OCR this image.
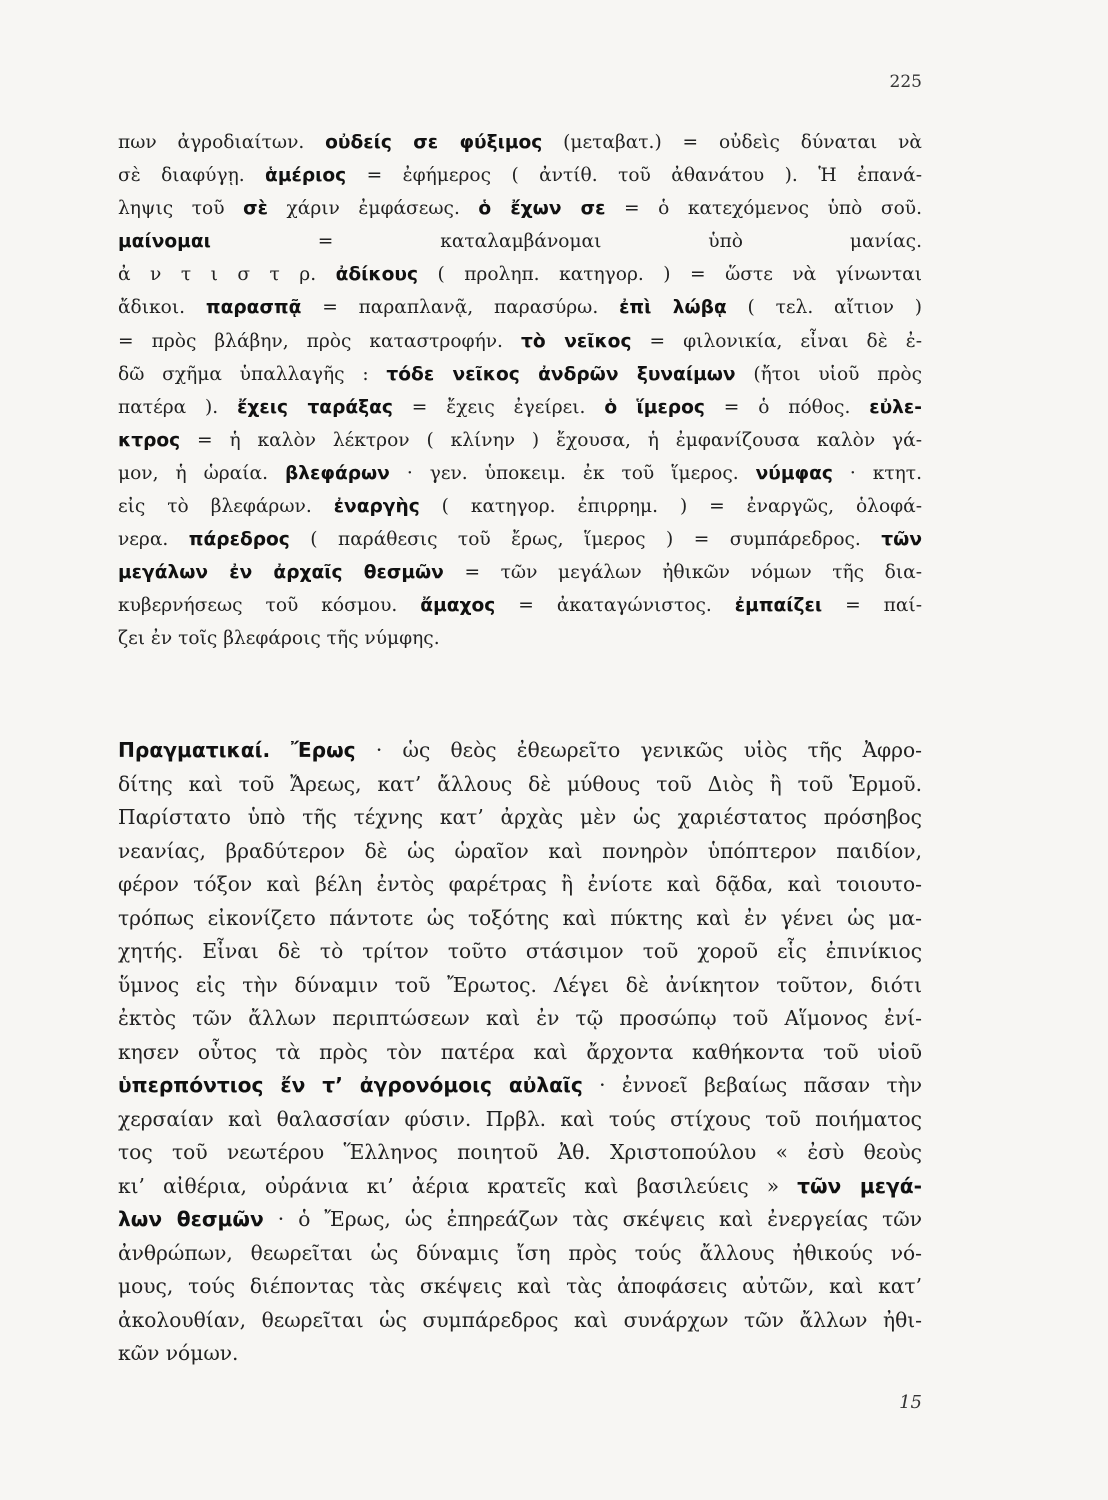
225

πων ἀγροδιαίτων. οὐδείς σε φύξιμος (μεταβατ.) = οὐδεὶς δύναται νὰ
σὲ διαφύγῃ. ἁμέριος = ἐφήμερος ( ἀντίθ. τοῦ ἀθανάτου ). Ἡ ἐπανά-
ληψις τοῦ σὲ χάριν ἐμφάσεως. ὁ ἔχων σε = ὁ κατεχόμενος ὑπὸ σοῦ.
μαίνομαι = καταλαμβάνομαι ὑπὸ μανίας.
ἀ ν τ ι σ τ ρ. ἀδίκους ( προληπ. κατηγορ. ) = ὥστε νὰ γίνωνται
ἄδικοι. παρασπᾷ = παραπλανᾷ, παρασύρω. ἐπὶ λώβᾳ ( τελ. αἴτιον )
= πρὸς βλάβην, πρὸς καταστροφήν. τὸ νεῖκος = φιλονικία, εἶναι δὲ ἐ-
δῶ σχῆμα ὑπαλλαγῆς : τόδε νεῖκος ἀνδρῶν ξυναίμων (ἤτοι υἱοῦ πρὸς
πατέρα ). ἔχεις ταράξας = ἔχεις ἐγείρει. ὁ ἵμερος = ὁ πόθος. εὐλε-
κτρος = ἡ καλὸν λέκτρον ( κλίνην ) ἔχουσα, ἡ ἐμφανίζουσα καλὸν γά-
μον, ἡ ὡραία. βλεφάρων · γεν. ὑποκειμ. ἐκ τοῦ ἵμερος. νύμφας · κτητ.
εἰς τὸ βλεφάρων. ἐναργὴς ( κατηγορ. ἐπιρρημ. ) = ἐναργῶς, ὁλοφά-
νερα. πάρεδρος ( παράθεσις τοῦ ἔρως, ἵμερος ) = συμπάρεδρος. τῶν
μεγάλων ἐν ἀρχαῖς θεσμῶν = τῶν μεγάλων ἠθικῶν νόμων τῆς δια-
κυβερνήσεως τοῦ κόσμου. ἄμαχος = ἀκαταγώνιστος. ἐμπαίζει = παί-
ζει ἐν τοῖς βλεφάροις τῆς νύμφης.

Πραγματικαί. Ἔρως · ὡς θεὸς ἐθεωρεῖτο γενικῶς υἱὸς τῆς Ἀφρο-
δίτης καὶ τοῦ Ἄρεως, κατ’ ἄλλους δὲ μύθους τοῦ Διὸς ἢ τοῦ Ἑρμοῦ.
Παρίστατο ὑπὸ τῆς τέχνης κατ’ ἀρχὰς μὲν ὡς χαριέστατος πρόσηβος
νεανίας, βραδύτερον δὲ ὡς ὡραῖον καὶ πονηρὸν ὑπόπτερον παιδίον,
φέρον τόξον καὶ βέλη ἐντὸς φαρέτρας ἢ ἐνίοτε καὶ δᾷδα, καὶ τοιουτο-
τρόπως εἰκονίζετο πάντοτε ὡς τοξότης καὶ πύκτης καὶ ἐν γένει ὡς μα-
χητής. Εἶναι δὲ τὸ τρίτον τοῦτο στάσιμον τοῦ χοροῦ εἷς ἐπινίκιος
ὕμνος εἰς τὴν δύναμιν τοῦ Ἔρωτος. Λέγει δὲ ἀνίκητον τοῦτον, διότι
ἐκτὸς τῶν ἄλλων περιπτώσεων καὶ ἐν τῷ προσώπῳ τοῦ Αἵμονος ἐνί-
κησεν οὗτος τὰ πρὸς τὸν πατέρα καὶ ἄρχοντα καθήκοντα τοῦ υἱοῦ
ὑπερπόντιος ἔν τ’ ἀγρονόμοις αὐλαῖς · ἐννοεῖ βεβαίως πᾶσαν τὴν
χερσαίαν καὶ θαλασσίαν φύσιν. Πρβλ. καὶ τούς στίχους τοῦ ποιήματος
τος τοῦ νεωτέρου Ἕλληνος ποιητοῦ Ἀθ. Χριστοπούλου « ἐσὺ θεοὺς
κι’ αἰθέρια, οὐράνια κι’ ἀέρια κρατεῖς καὶ βασιλεύεις » τῶν μεγά-
λων θεσμῶν · ὁ Ἔρως, ὡς ἐπηρεάζων τὰς σκέψεις καὶ ἐνεργείας τῶν
ἀνθρώπων, θεωρεῖται ὡς δύναμις ἴση πρὸς τούς ἄλλους ἠθικούς νό-
μους, τούς διέποντας τὰς σκέψεις καὶ τὰς ἀποφάσεις αὐτῶν, καὶ κατ’
ἀκολουθίαν, θεωρεῖται ὡς συμπάρεδρος καὶ συνάρχων τῶν ἄλλων ἠθι-
κῶν νόμων.

15
